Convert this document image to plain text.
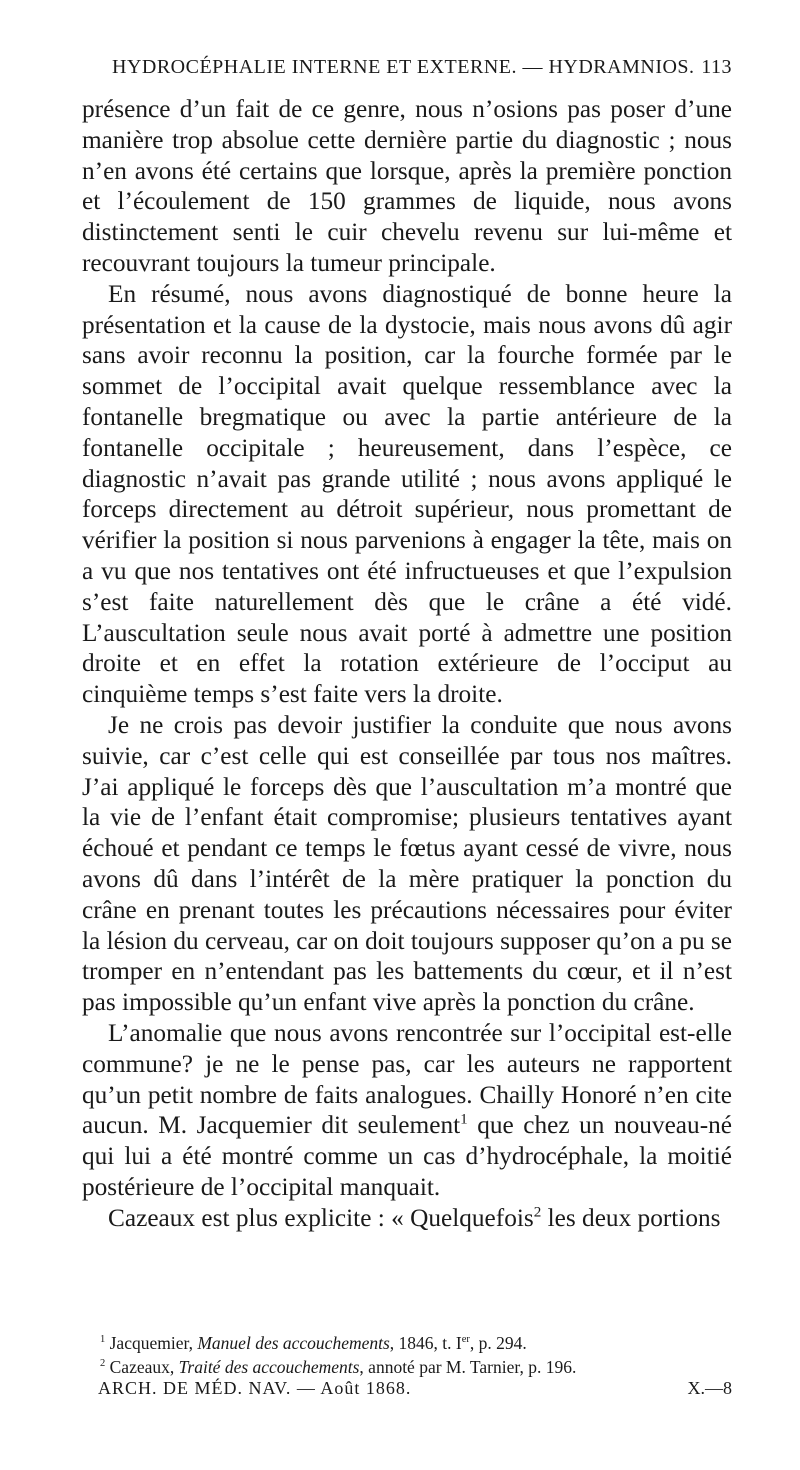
HYDROCÉPHALIE INTERNE ET EXTERNE. — HYDRAMNIOS. 113

présence d’un fait de ce genre, nous n’osions pas poser d’une manière trop absolue cette dernière partie du diagnostic ; nous n’en avons été certains que lorsque, après la première ponction et l’écoulement de 150 grammes de liquide, nous avons distinctement senti le cuir chevelu revenu sur lui-même et recouvrant toujours la tumeur principale.

En résumé, nous avons diagnostiqué de bonne heure la présentation et la cause de la dystocie, mais nous avons dû agir sans avoir reconnu la position, car la fourche formée par le sommet de l’occipital avait quelque ressemblance avec la fontanelle bregmatique ou avec la partie antérieure de la fontanelle occipitale ; heureusement, dans l’espèce, ce diagnostic n’avait pas grande utilité ; nous avons appliqué le forceps directement au détroit supérieur, nous promettant de vérifier la position si nous parvenions à engager la tête, mais on a vu que nos tentatives ont été infructueuses et que l’expulsion s’est faite naturellement dès que le crâne a été vidé. L’auscultation seule nous avait porté à admettre une position droite et en effet la rotation extérieure de l’occiput au cinquième temps s’est faite vers la droite.

Je ne crois pas devoir justifier la conduite que nous avons suivie, car c’est celle qui est conseillée par tous nos maîtres. J’ai appliqué le forceps dès que l’auscultation m’a montré que la vie de l’enfant était compromise; plusieurs tentatives ayant échoué et pendant ce temps le fœtus ayant cessé de vivre, nous avons dû dans l’intérêt de la mère pratiquer la ponction du crâne en prenant toutes les précautions nécessaires pour éviter la lésion du cerveau, car on doit toujours supposer qu’on a pu se tromper en n’entendant pas les battements du cœur, et il n’est pas impossible qu’un enfant vive après la ponction du crâne.

L’anomalie que nous avons rencontrée sur l’occipital est-elle commune? je ne le pense pas, car les auteurs ne rapportent qu’un petit nombre de faits analogues. Chailly Honoré n’en cite aucun. M. Jacquemier dit seulement$^1$ que chez un nouveau-né qui lui a été montré comme un cas d’hydrocéphale, la moitié postérieure de l’occipital manquait.

Cazeaux est plus explicite : « Quelquefois$^2$ les deux portions

$^1$ Jacquemier, Manuel des accouchements, 1846, t. Ier, p. 294.

$^2$ Cazeaux, Traité des accouchements, annoté par M. Tarnier, p. 196.

ARCH. DE MÉD. NAV. — Août 1868.	X.—8
